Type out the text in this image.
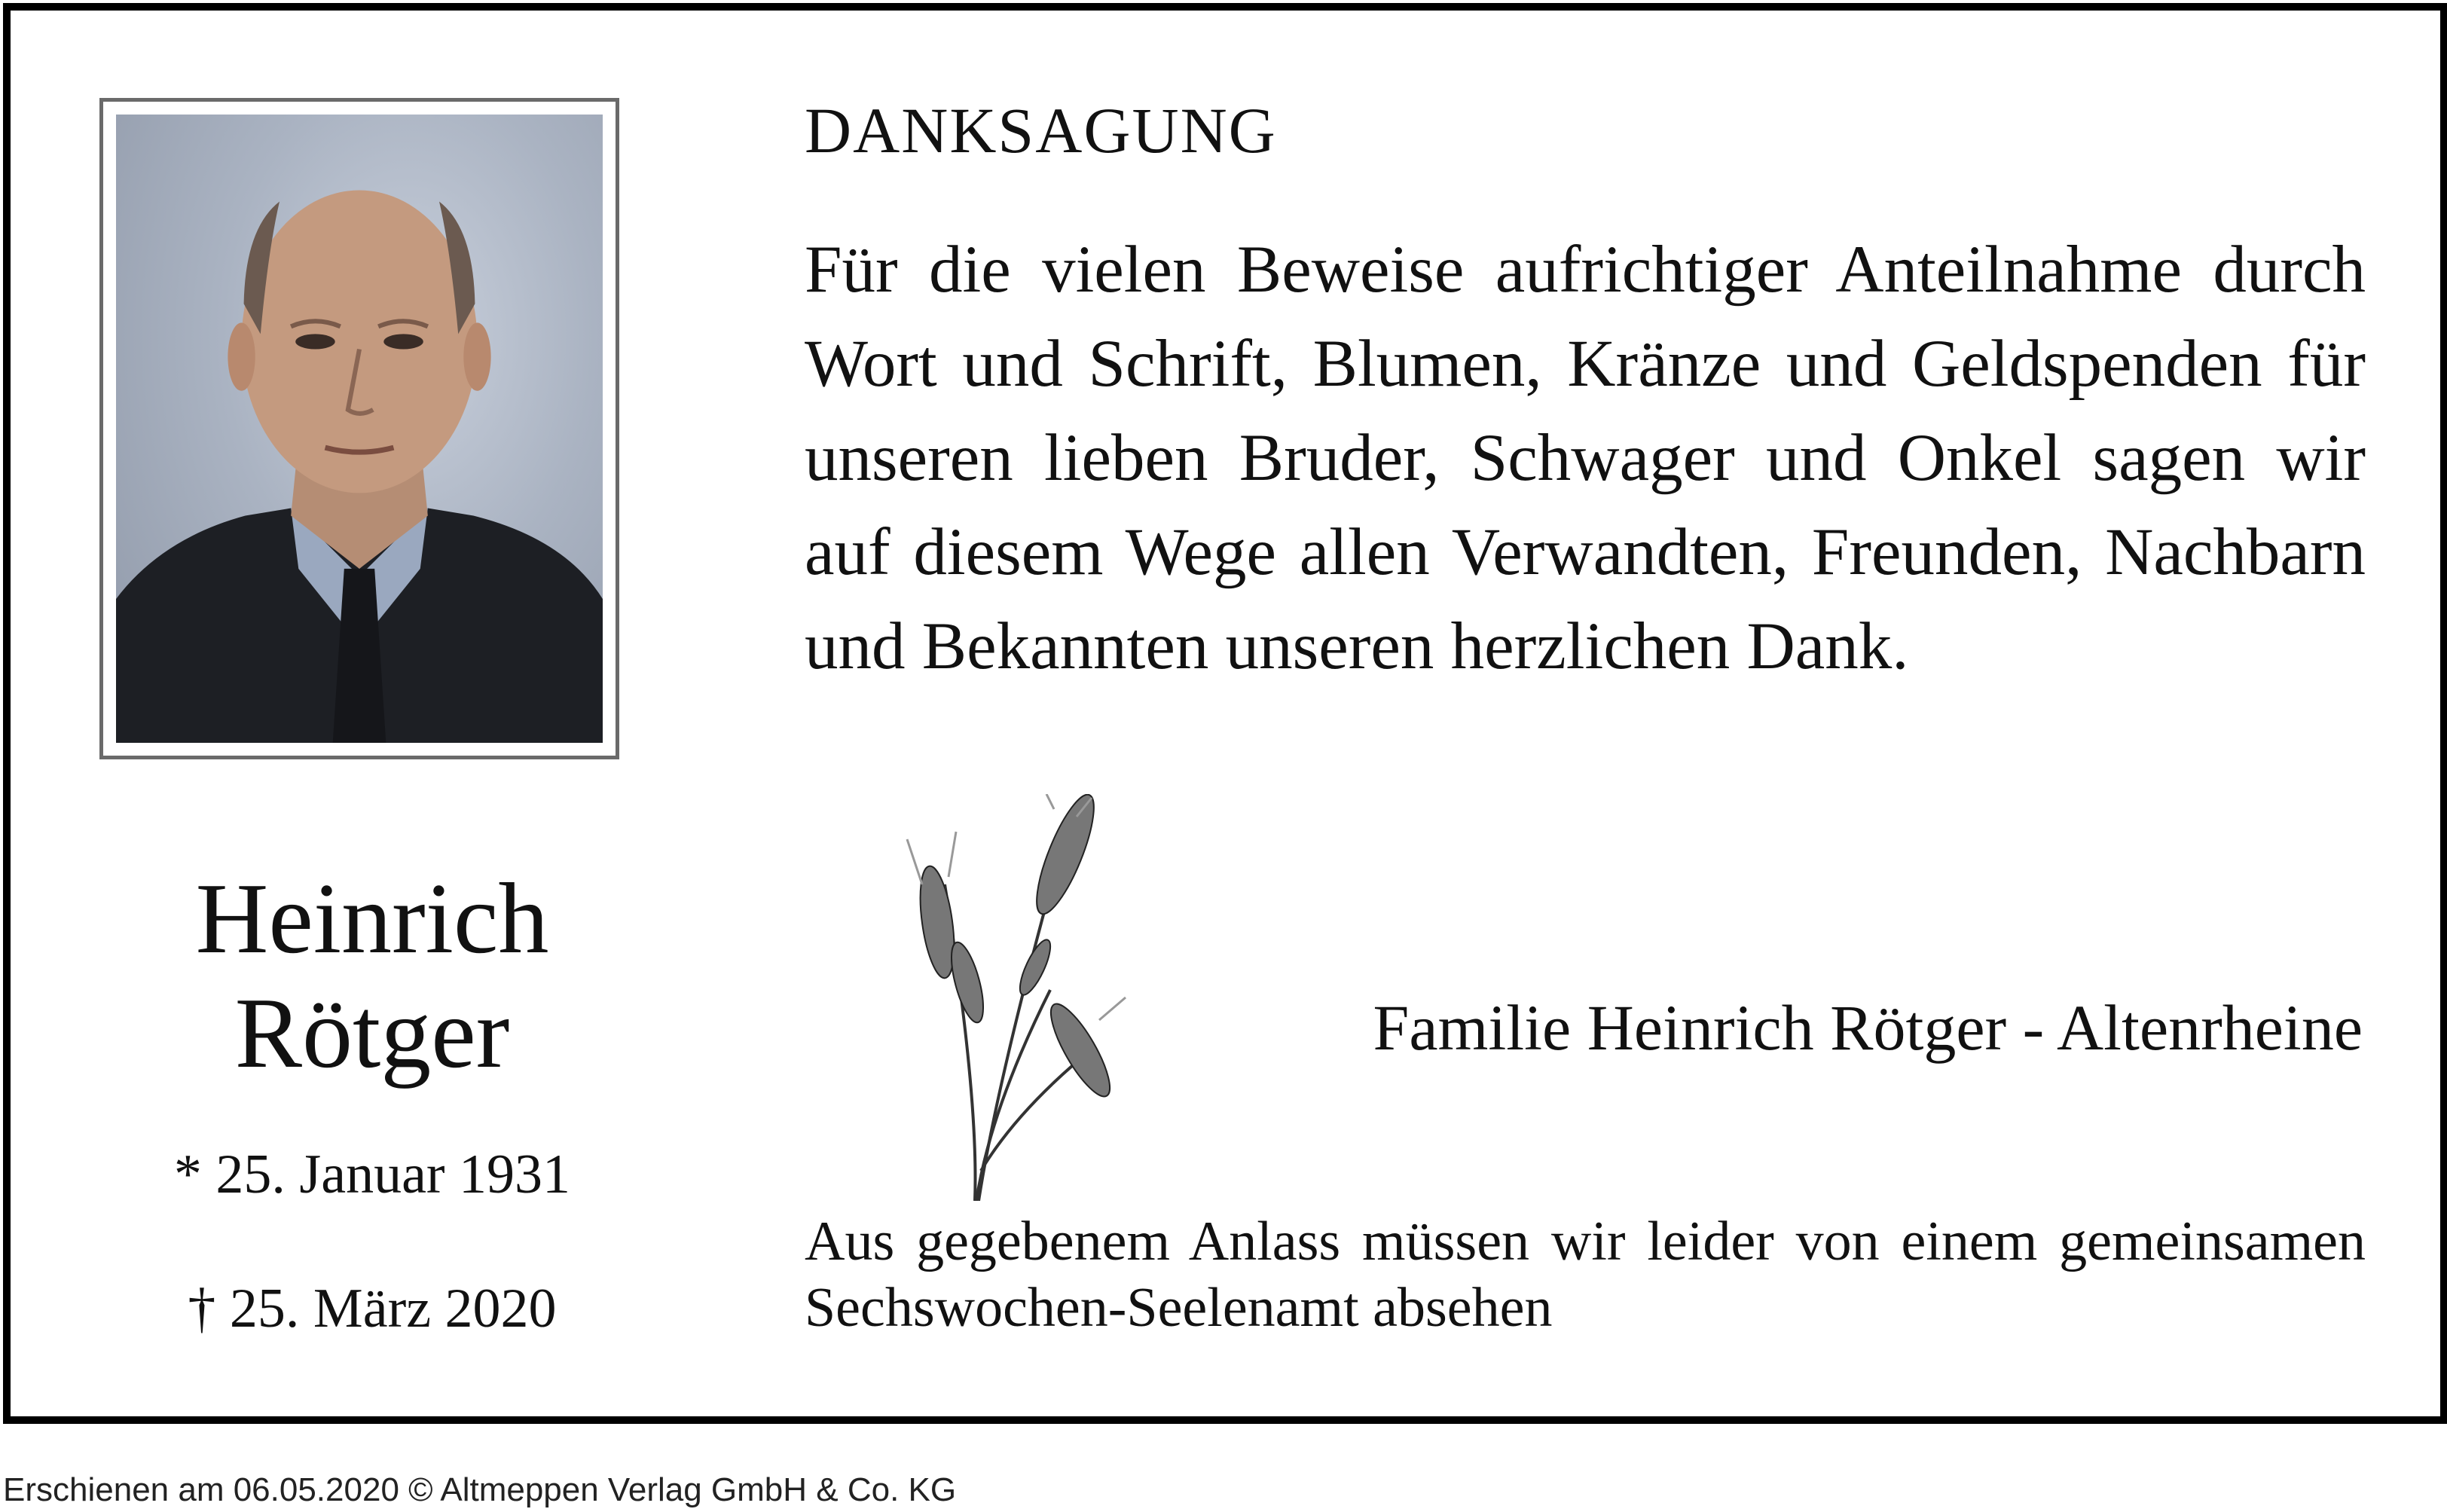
Heinrich
Rötger
* 25. Januar 1931
† 25. März 2020
DANKSAGUNG
Für die vielen Beweise aufrichtiger Anteilnahme durch Wort und Schrift, Blumen, Kränze und Geldspenden für unseren lieben Bruder, Schwager und Onkel sagen wir auf diesem Wege allen Verwandten, Freunden, Nachbarn und Bekannten unseren herzlichen Dank.
Familie Heinrich Rötger - Altenrheine
Aus gegebenem Anlass müssen wir leider von einem gemeinsamen Sechswochen-Seelenamt absehen
Erschienen am 06.05.2020 © Altmeppen Verlag GmbH & Co. KG
